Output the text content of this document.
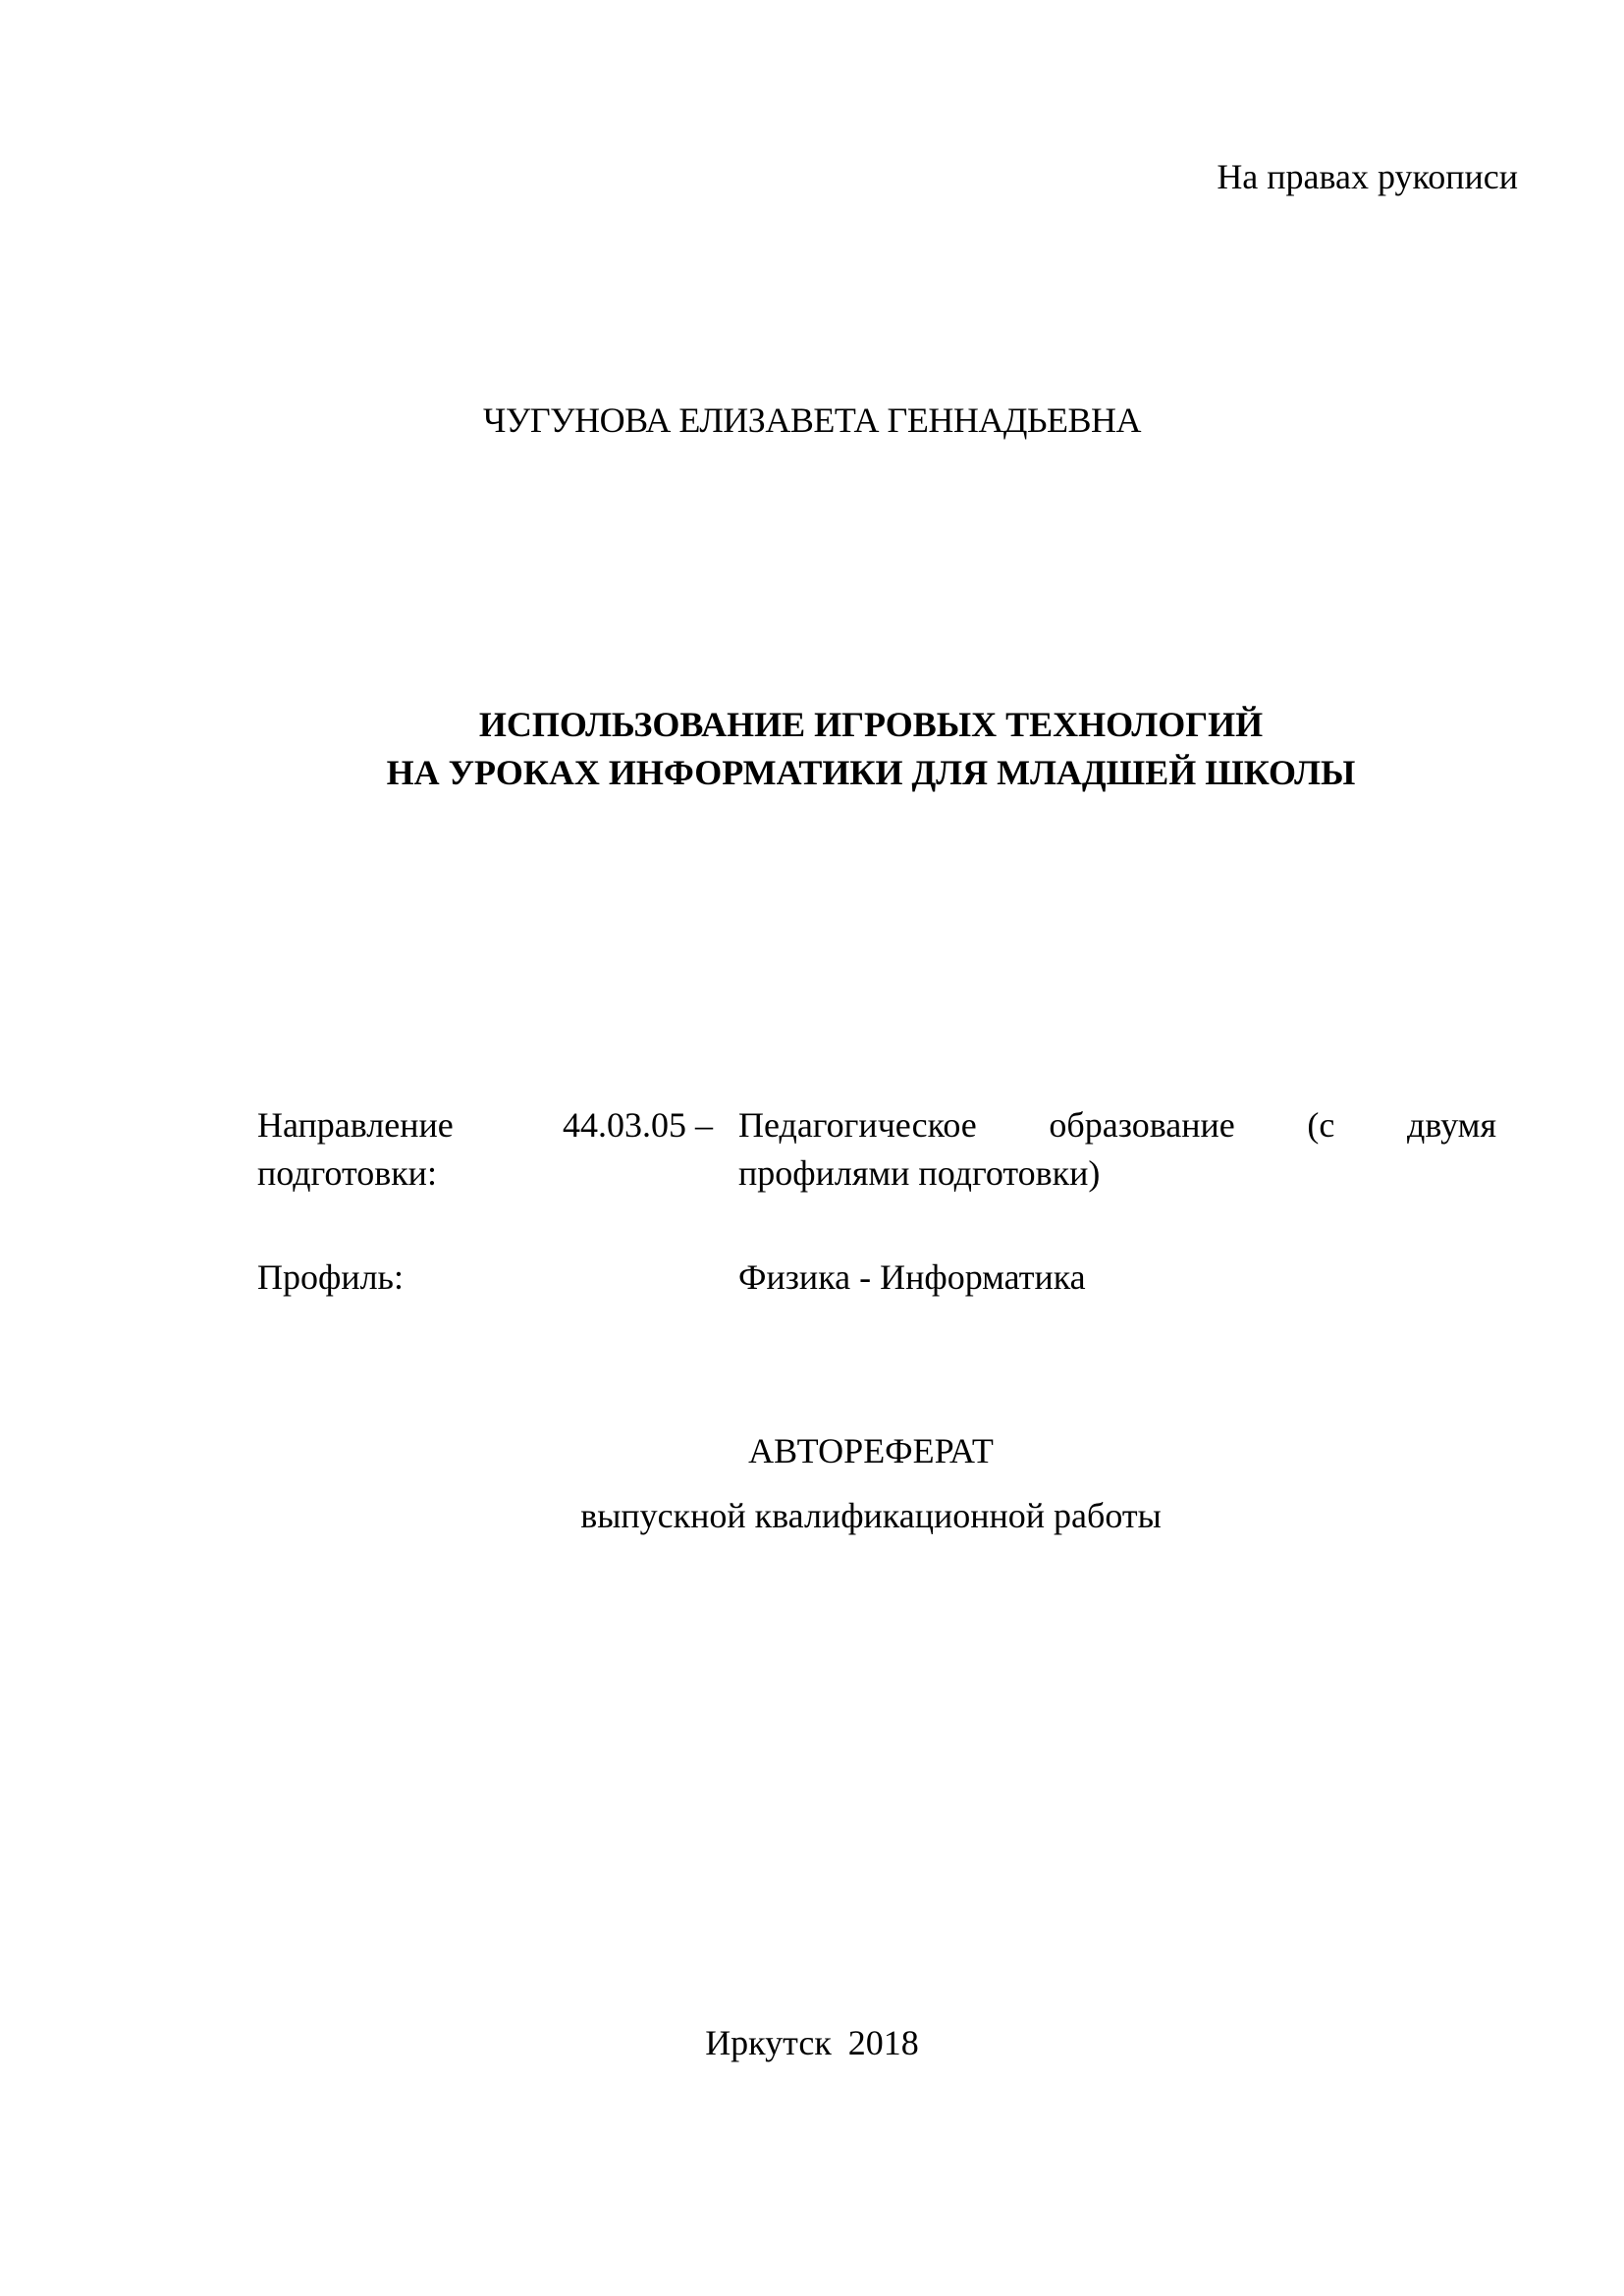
На правах рукописи
ЧУГУНОВА ЕЛИЗАВЕТА ГЕННАДЬЕВНА
ИСПОЛЬЗОВАНИЕ ИГРОВЫХ ТЕХНОЛОГИЙ
НА УРОКАХ ИНФОРМАТИКИ ДЛЯ МЛАДШЕЙ ШКОЛЫ
Направление
подготовки:
44.03.05 – Педагогическое образование (с двумя
профилями подготовки)
Профиль:	Физика - Информатика
АВТОРЕФЕРАТ
выпускной квалификационной работы
Иркутск 2018
